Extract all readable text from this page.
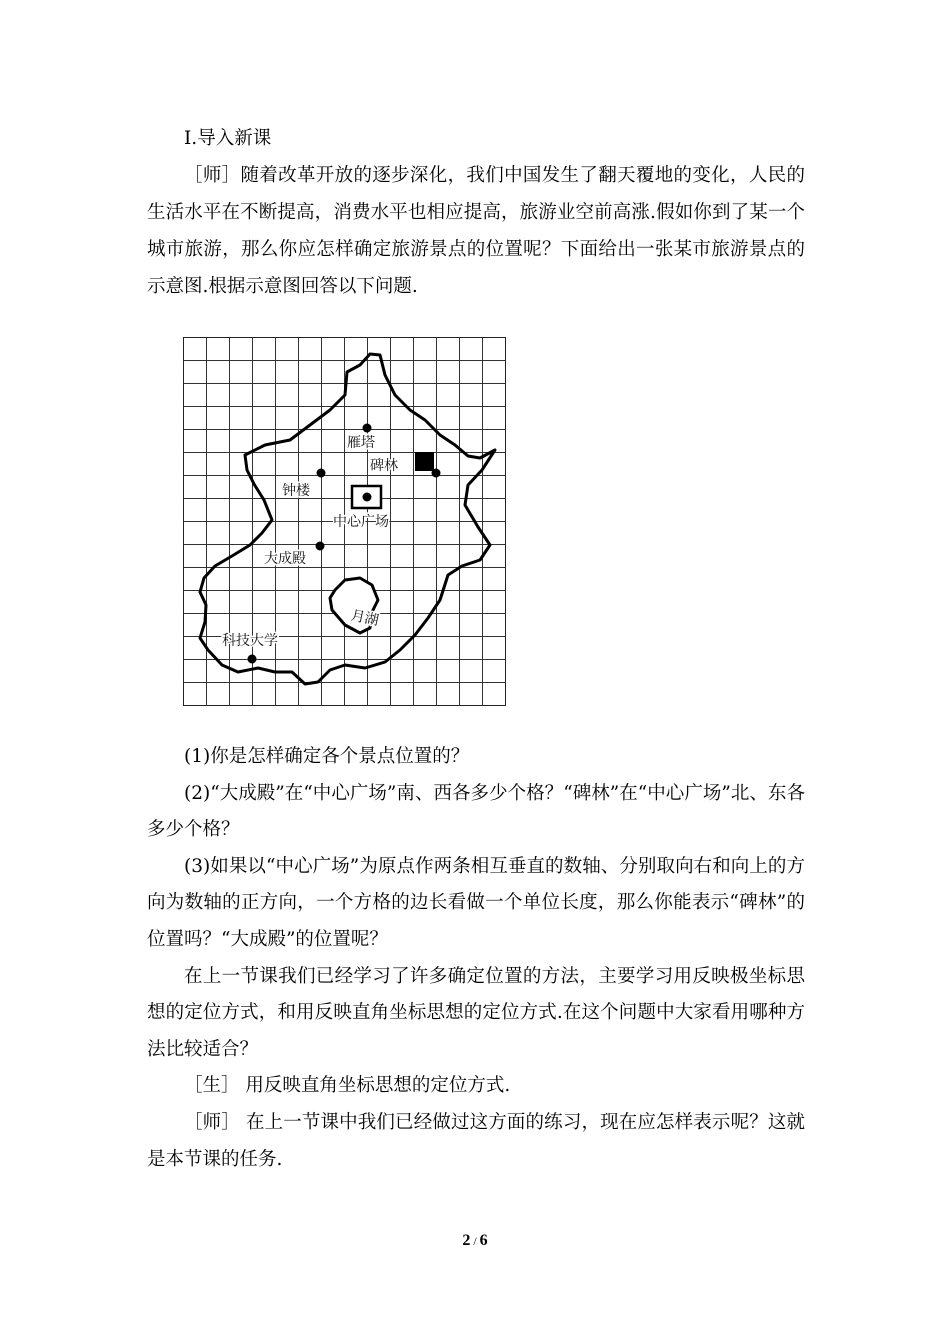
I.导入新课

［师］随着改革开放的逐步深化，我们中国发生了翻天覆地的变化，人民的生活水平在不断提高，消费水平也相应提高，旅游业空前高涨.假如你到了某一个城市旅游，那么你应怎样确定旅游景点的位置呢？下面给出一张某市旅游景点的示意图.根据示意图回答以下问题.

雁塔
碑林
钟楼
中心广场
大成殿
月湖
科技大学

(1)你是怎样确定各个景点位置的？

(2)“大成殿”在“中心广场”南、西各多少个格？“碑林”在“中心广场”北、东各多少个格？

(3)如果以“中心广场”为原点作两条相互垂直的数轴、分别取向右和向上的方向为数轴的正方向，一个方格的边长看做一个单位长度，那么你能表示“碑林”的位置吗？“大成殿”的位置呢？

在上一节课我们已经学习了许多确定位置的方法，主要学习用反映极坐标思想的定位方式，和用反映直角坐标思想的定位方式.在这个问题中大家看用哪种方法比较适合？

［生］ 用反映直角坐标思想的定位方式.

［师］ 在上一节课中我们已经做过这方面的练习，现在应怎样表示呢？这就是本节课的任务.

2 / 6
